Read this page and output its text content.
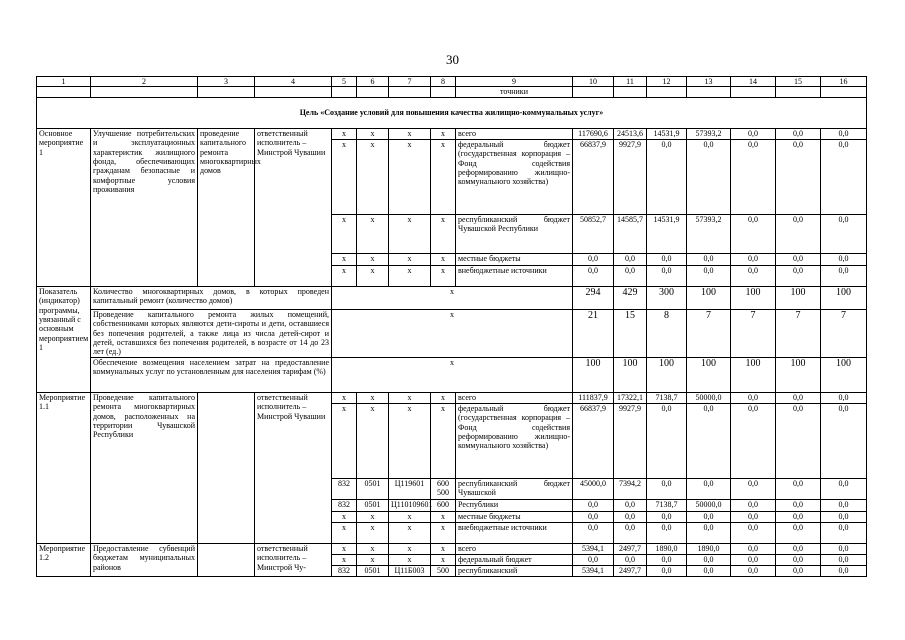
30
1	2	3	4	5	6	7	8	9	10	11	12	13	14	15	16
								точники							
Цель «Создание условий для повышения качества жилищно-коммунальных услуг»															
Основное мероприятие 1	Улучшение потребительских и эксплуатационных характеристик жилищного фонда, обеспечивающих гражданам безопасные и комфортные условия проживания	проведение капитального ремонта многоквартирных домов	ответственный исполнитель – Минстрой Чувашии	x	x	x	x	всего	117690,6	24513,6	14531,9	57393,2	0,0	0,0	0,0
				x	x	x	x	федеральный бюджет (государственная корпорация – Фонд содействия реформированию жилищно-коммунального хозяйства)	66837,9	9927,9	0,0	0,0	0,0	0,0	0,0
				x	x	x	x	республиканский бюджет Чувашской Республики	50852,7	14585,7	14531,9	57393,2	0,0	0,0	0,0
				x	x	x	x	местные бюджеты	0,0	0,0	0,0	0,0	0,0	0,0	0,0
				x	x	x	x	внебюджетные источники	0,0	0,0	0,0	0,0	0,0	0,0	0,0
Показатель (индикатор) программы, увязанный с основным мероприятием 1	Количество многоквартирных домов, в которых проведен капитальный ремонт (количество домов)			x					294	429	300	100	100	100	100
	Проведение капитального ремонта жилых помещений, собственниками которых являются дети-сироты и дети, оставшиеся без попечения родителей, а также лица из числа детей-сирот и детей, оставшихся без попечения родителей, в возрасте от 14 до 23 лет (ед.)			x					21	15	8	7	7	7	7
	Обеспечение возмещения населением затрат на предоставление коммунальных услуг по установленным для населения тарифам (%)			x					100	100	100	100	100	100	100
Мероприятие 1.1	Проведение капитального ремонта многоквартирных домов, расположенных на территории Чувашской Республики		ответственный исполнитель – Минстрой Чувашии	x	x	x	x	всего	111837,9	17322,1	7138,7	50000,0	0,0	0,0	0,0
				x	x	x	x	федеральный бюджет (государственная корпорация – Фонд содействия реформированию жилищно-коммунального хозяйства)	66837,9	9927,9	0,0	0,0	0,0	0,0	0,0
				832	0501	Ц119601	600 500	республиканский бюджет Чувашской	45000,0	7394,2	0,0	0,0	0,0	0,0	0,0
				832	0501	Ц110109601	600	Республики	0,0	0,0	7138,7	50000,0	0,0	0,0	0,0
				x	x	x	x	местные бюджеты	0,0	0,0	0,0	0,0	0,0	0,0	0,0
				x	x	x	x	внебюджетные источники	0,0	0,0	0,0	0,0	0,0	0,0	0,0
Мероприятие 1.2	Предоставление субвенций бюджетам муниципальных районов		ответственный исполнитель – Минстрой Чу-	x	x	x	x	всего	5394,1	2497,7	1890,0	1890,0	0,0	0,0	0,0
				x	x	x	x	федеральный бюджет	0,0	0,0	0,0	0,0	0,0	0,0	0,0
				832	0501	Ц11Б003	500	республиканский	5394,1	2497,7	0,0	0,0	0,0	0,0	0,0
